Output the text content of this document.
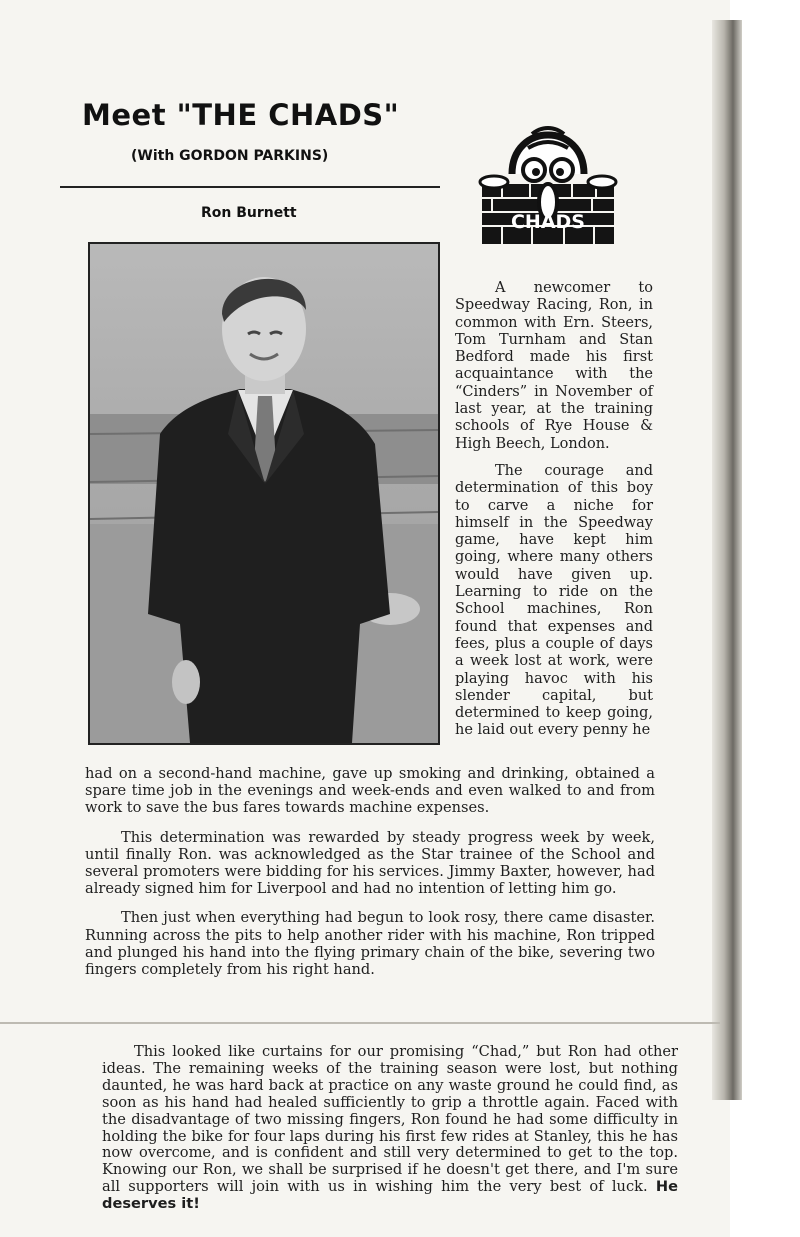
Meet "THE CHADS"
(With GORDON PARKINS)
Ron Burnett	CHADS

A newcomer to Speedway Racing, Ron, in common with Ern. Steers, Tom Turnham and Stan Bedford made his first acquaintance with the “Cinders” in November of last year, at the training schools of Rye House & High Beech, London.

The courage and determination of this boy to carve a niche for himself in the Speedway game, have kept him going, where many others would have given up. Learning to ride on the School machines, Ron found that expenses and fees, plus a couple of days a week lost at work, were playing havoc with his slender capital, but determined to keep going, he laid out every penny he

had on a second-hand machine, gave up smoking and drinking, obtained a spare time job in the evenings and week-ends and even walked to and from work to save the bus fares towards machine expenses.

This determination was rewarded by steady progress week by week, until finally Ron. was acknowledged as the Star trainee of the School and several promoters were bidding for his services. Jimmy Baxter, however, had already signed him for Liverpool and had no intention of letting him go.

Then just when everything had begun to look rosy, there came disaster. Running across the pits to help another rider with his machine, Ron tripped and plunged his hand into the flying primary chain of the bike, severing two fingers completely from his right hand.

This looked like curtains for our promising “Chad,” but Ron had other ideas. The remaining weeks of the training season were lost, but nothing daunted, he was hard back at practice on any waste ground he could find, as soon as his hand had healed sufficiently to grip a throttle again. Faced with the disadvantage of two missing fingers, Ron found he had some difficulty in holding the bike for four laps during his first few rides at Stanley, this he has now overcome, and is confident and still very determined to get to the top. Knowing our Ron, we shall be surprised if he doesn't get there, and I'm sure all supporters will join with us in wishing him the very best of luck. He deserves it!
